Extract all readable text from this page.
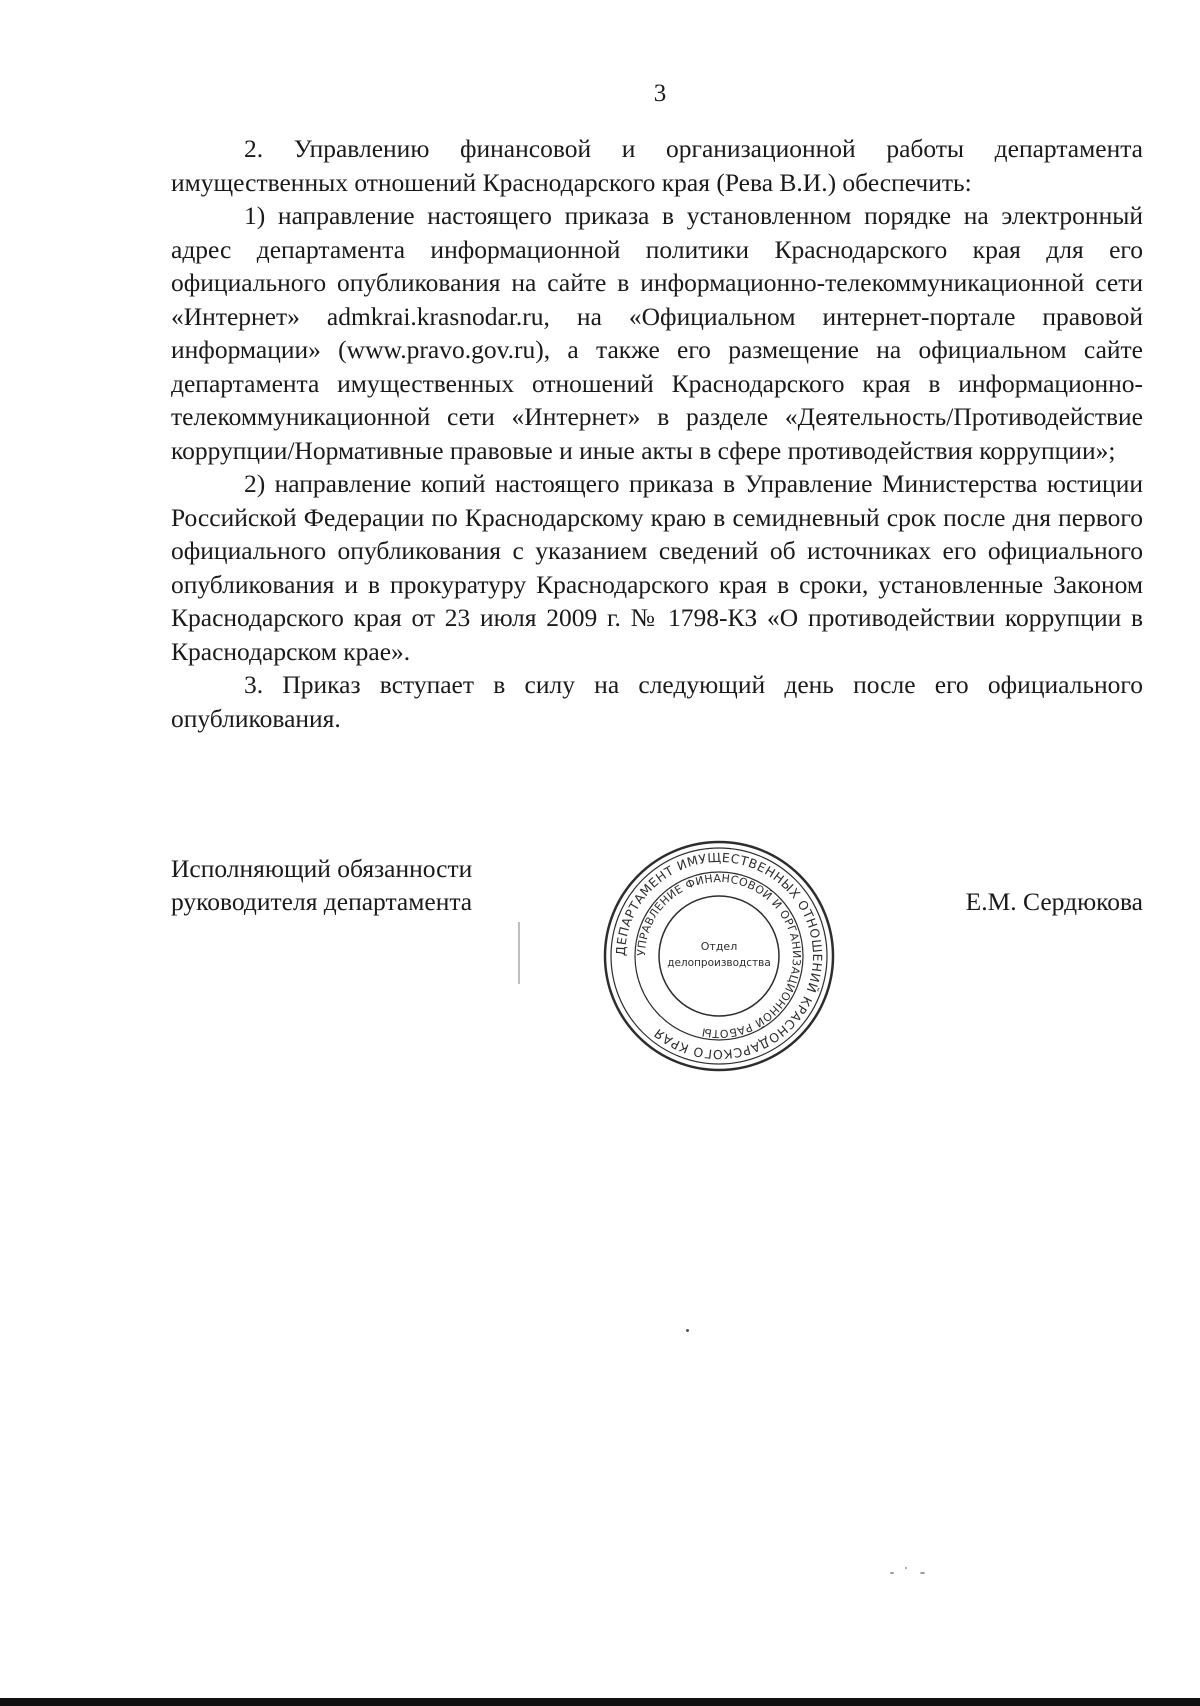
3

2. Управлению финансовой и организационной работы департамента имущественных отношений Краснодарского края (Рева В.И.) обеспечить:

1) направление настоящего приказа в установленном порядке на электронный адрес департамента информационной политики Краснодарского края для его официального опубликования на сайте в информационно-телекоммуникационной сети «Интернет» admkrai.krasnodar.ru, на «Официальном интернет-портале правовой информации» (www.pravo.gov.ru), а также его размещение на официальном сайте департамента имущественных отношений Краснодарского края в информационно-телекоммуникационной сети «Интернет» в разделе «Деятельность/Противодействие коррупции/Нормативные правовые и иные акты в сфере противодействия коррупции»;

2) направление копий настоящего приказа в Управление Министерства юстиции Российской Федерации по Краснодарскому краю в семидневный срок после дня первого официального опубликования с указанием сведений об источниках его официального опубликования и в прокуратуру Краснодарского края в сроки, установленные Законом Краснодарского края от 23 июля 2009 г. № 1798-КЗ «О противодействии коррупции в Краснодарском крае».

3. Приказ вступает в силу на следующий день после его официального опубликования.

Исполняющий обязанности
руководителя департамента
ДЕПАРТАМЕНТ ИМУЩЕСТВЕННЫХ ОТНОШЕНИЙ КРАСНОДАРСКОГО КРАЯ
УПРАВЛЕНИЕ ФИНАНСОВОЙ И ОРГАНИЗАЦИОННОЙ РАБОТЫ
Отдел
делопроизводства
Е.М. Сердюкова
